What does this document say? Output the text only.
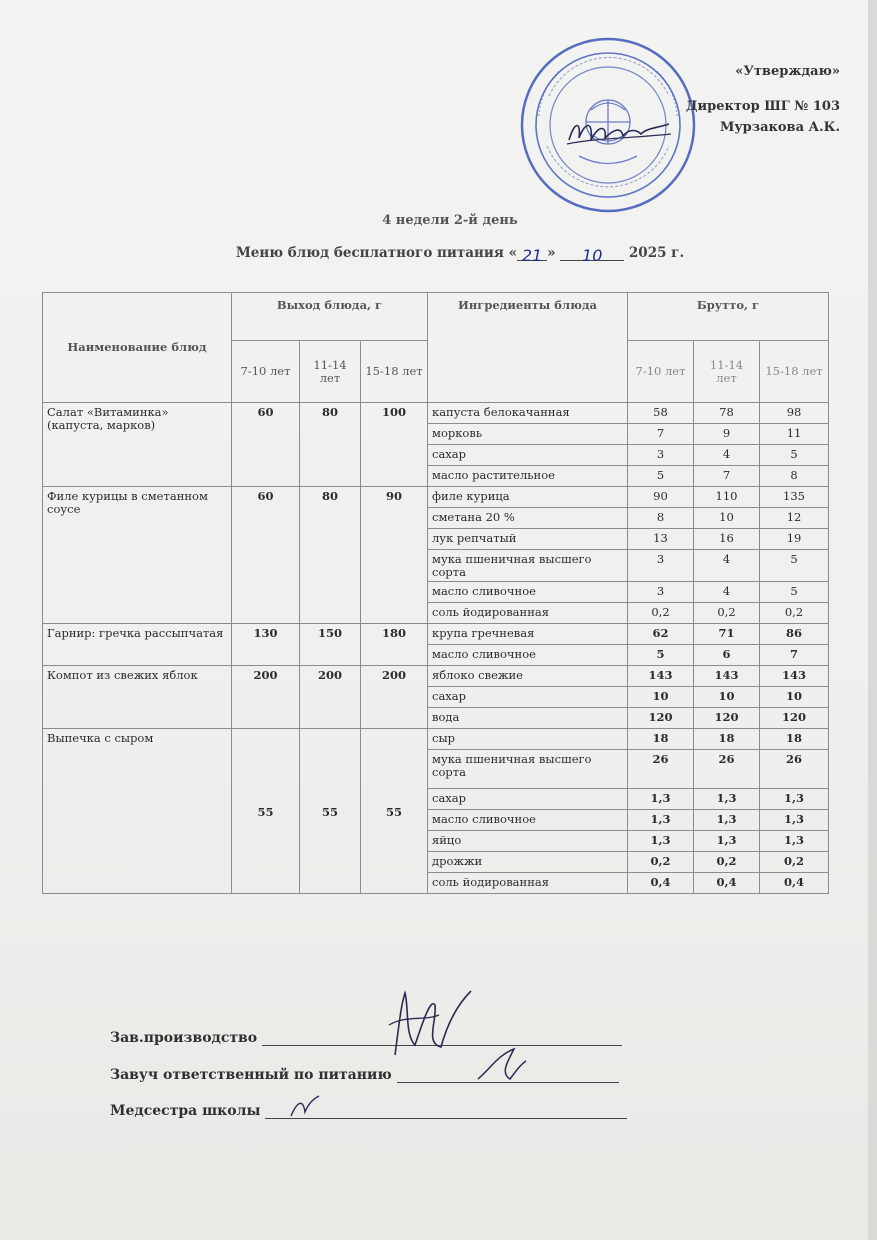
«Утверждаю»
Директор ШГ № 103
Мурзакова А.К.
4 недели 2-й день
Меню блюд бесплатного питания « 21 » 10 2025 г.
Наименование блюд	Выход блюда, г			Ингредиенты блюда	Брутто, г		
	7-10 лет	11-14 лет	15-18 лет		7-10 лет	11-14 лет	15-18 лет
Салат «Витаминка» (капуста, марков)	60	80	100	капуста белокачанная	58	78	98
				морковь	7	9	11
				сахар	3	4	5
				масло растительное	5	7	8
Филе курицы в сметанном соусе	60	80	90	филе курица	90	110	135
				сметана 20 %	8	10	12
				лук репчатый	13	16	19
				мука пшеничная высшего сорта	3	4	5
				масло сливочное	3	4	5
				соль йодированная	0,2	0,2	0,2
Гарнир: гречка рассыпчатая	130	150	180	крупа гречневая	62	71	86
				масло сливочное	5	6	7
Компот из свежих яблок	200	200	200	яблоко свежие	143	143	143
				сахар	10	10	10
				вода	120	120	120
Выпечка с сыром	55	55	55	сыр	18	18	18
				мука пшеничная высшего сорта	26	26	26
				сахар	1,3	1,3	1,3
				масло сливочное	1,3	1,3	1,3
				яйцо	1,3	1,3	1,3
				дрожжи	0,2	0,2	0,2
				соль йодированная	0,4	0,4	0,4
Зав.производство
Завуч ответственный по питанию
Медсестра школы
